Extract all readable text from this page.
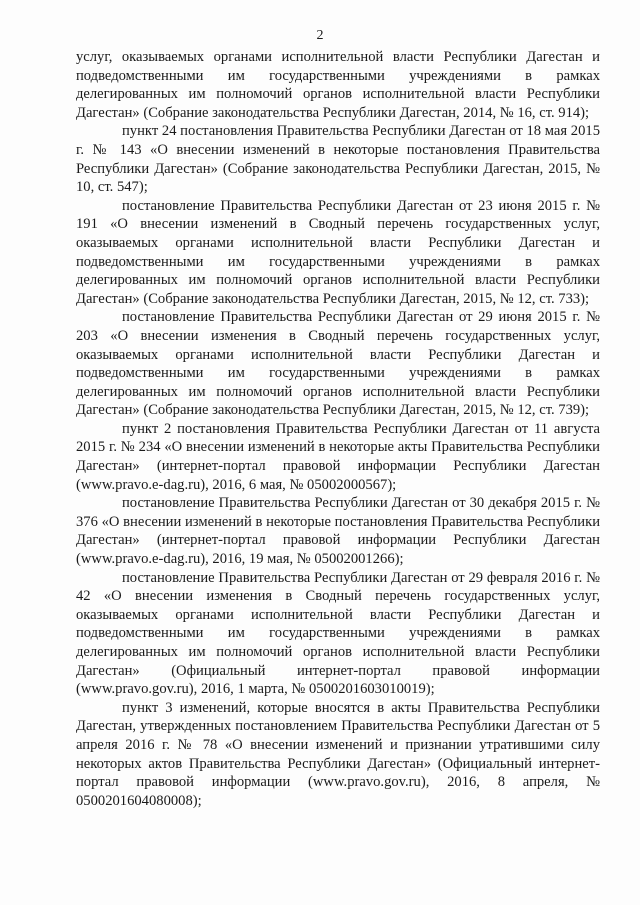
2

услуг, оказываемых органами исполнительной власти Республики Дагестан и подведомственными им государственными учреждениями в рамках делегированных им полномочий органов исполнительной власти Республики Дагестан» (Собрание законодательства Республики Дагестан, 2014, № 16, ст. 914);

пункт 24 постановления Правительства Республики Дагестан от 18 мая 2015 г. № 143 «О внесении изменений в некоторые постановления Правительства Республики Дагестан» (Собрание законодательства Республики Дагестан, 2015, № 10, ст. 547);

постановление Правительства Республики Дагестан от 23 июня 2015 г. № 191 «О внесении изменений в Сводный перечень государственных услуг, оказываемых органами исполнительной власти Республики Дагестан и подведомственными им государственными учреждениями в рамках делегированных им полномочий органов исполнительной власти Республики Дагестан» (Собрание законодательства Республики Дагестан, 2015, № 12, ст. 733);

постановление Правительства Республики Дагестан от 29 июня 2015 г. № 203 «О внесении изменения в Сводный перечень государственных услуг, оказываемых органами исполнительной власти Республики Дагестан и подведомственными им государственными учреждениями в рамках делегированных им полномочий органов исполнительной власти Республики Дагестан» (Собрание законодательства Республики Дагестан, 2015, № 12, ст. 739);

пункт 2 постановления Правительства Республики Дагестан от 11 августа 2015 г. № 234 «О внесении изменений в некоторые акты Правительства Республики Дагестан» (интернет-портал правовой информации Республики Дагестан (www.pravo.e-dag.ru), 2016, 6 мая, № 05002000567);

постановление Правительства Республики Дагестан от 30 декабря 2015 г. № 376 «О внесении изменений в некоторые постановления Правительства Республики Дагестан» (интернет-портал правовой информации Республики Дагестан (www.pravo.e-dag.ru), 2016, 19 мая, № 05002001266);

постановление Правительства Республики Дагестан от 29 февраля 2016 г. № 42 «О внесении изменения в Сводный перечень государственных услуг, оказываемых органами исполнительной власти Республики Дагестан и подведомственными им государственными учреждениями в рамках делегированных им полномочий органов исполнительной власти Республики Дагестан» (Официальный интернет-портал правовой информации (www.pravo.gov.ru), 2016, 1 марта, № 0500201603010019);

пункт 3 изменений, которые вносятся в акты Правительства Республики Дагестан, утвержденных постановлением Правительства Республики Дагестан от 5 апреля 2016 г. № 78 «О внесении изменений и признании утратившими силу некоторых актов Правительства Республики Дагестан» (Официальный интернет-портал правовой информации (www.pravo.gov.ru), 2016, 8 апреля, № 0500201604080008);
